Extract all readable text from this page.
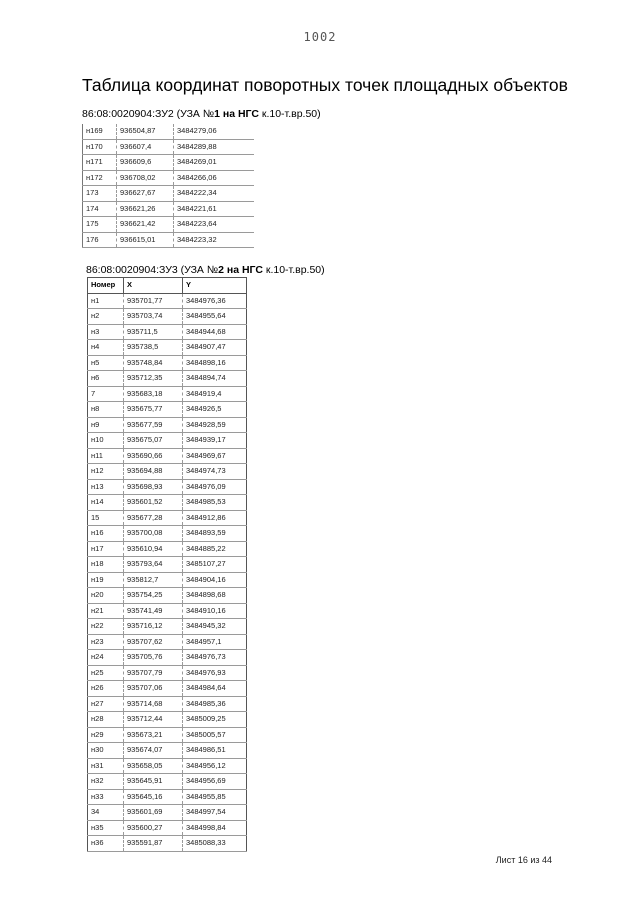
1002
Таблица координат поворотных точек площадных объектов
86:08:0020904:ЗУ2 (УЗА №1 на НГС к.10-т.вр.50)
н169	936504,87	3484279,06
н170	936607,4	3484289,88
н171	936609,6	3484269,01
н172	936708,02	3484266,06
173	936627,67	3484222,34
174	936621,26	3484221,61
175	936621,42	3484223,64
176	936615,01	3484223,32
86:08:0020904:ЗУ3 (УЗА №2 на НГС к.10-т.вр.50)
Номер	X	Y
н1	935701,77	3484976,36
н2	935703,74	3484955,64
н3	935711,5	3484944,68
н4	935738,5	3484907,47
н5	935748,84	3484898,16
н6	935712,35	3484894,74
7	935683,18	3484919,4
н8	935675,77	3484926,5
н9	935677,59	3484928,59
н10	935675,07	3484939,17
н11	935690,66	3484969,67
н12	935694,88	3484974,73
н13	935698,93	3484976,09
н14	935601,52	3484985,53
15	935677,28	3484912,86
н16	935700,08	3484893,59
н17	935610,94	3484885,22
н18	935793,64	3485107,27
н19	935812,7	3484904,16
н20	935754,25	3484898,68
н21	935741,49	3484910,16
н22	935716,12	3484945,32
н23	935707,62	3484957,1
н24	935705,76	3484976,73
н25	935707,79	3484976,93
н26	935707,06	3484984,64
н27	935714,68	3484985,36
н28	935712,44	3485009,25
н29	935673,21	3485005,57
н30	935674,07	3484986,51
н31	935658,05	3484956,12
н32	935645,91	3484956,69
н33	935645,16	3484955,85
34	935601,69	3484997,54
н35	935600,27	3484998,84
н36	935591,87	3485088,33
Лист 16 из 44
